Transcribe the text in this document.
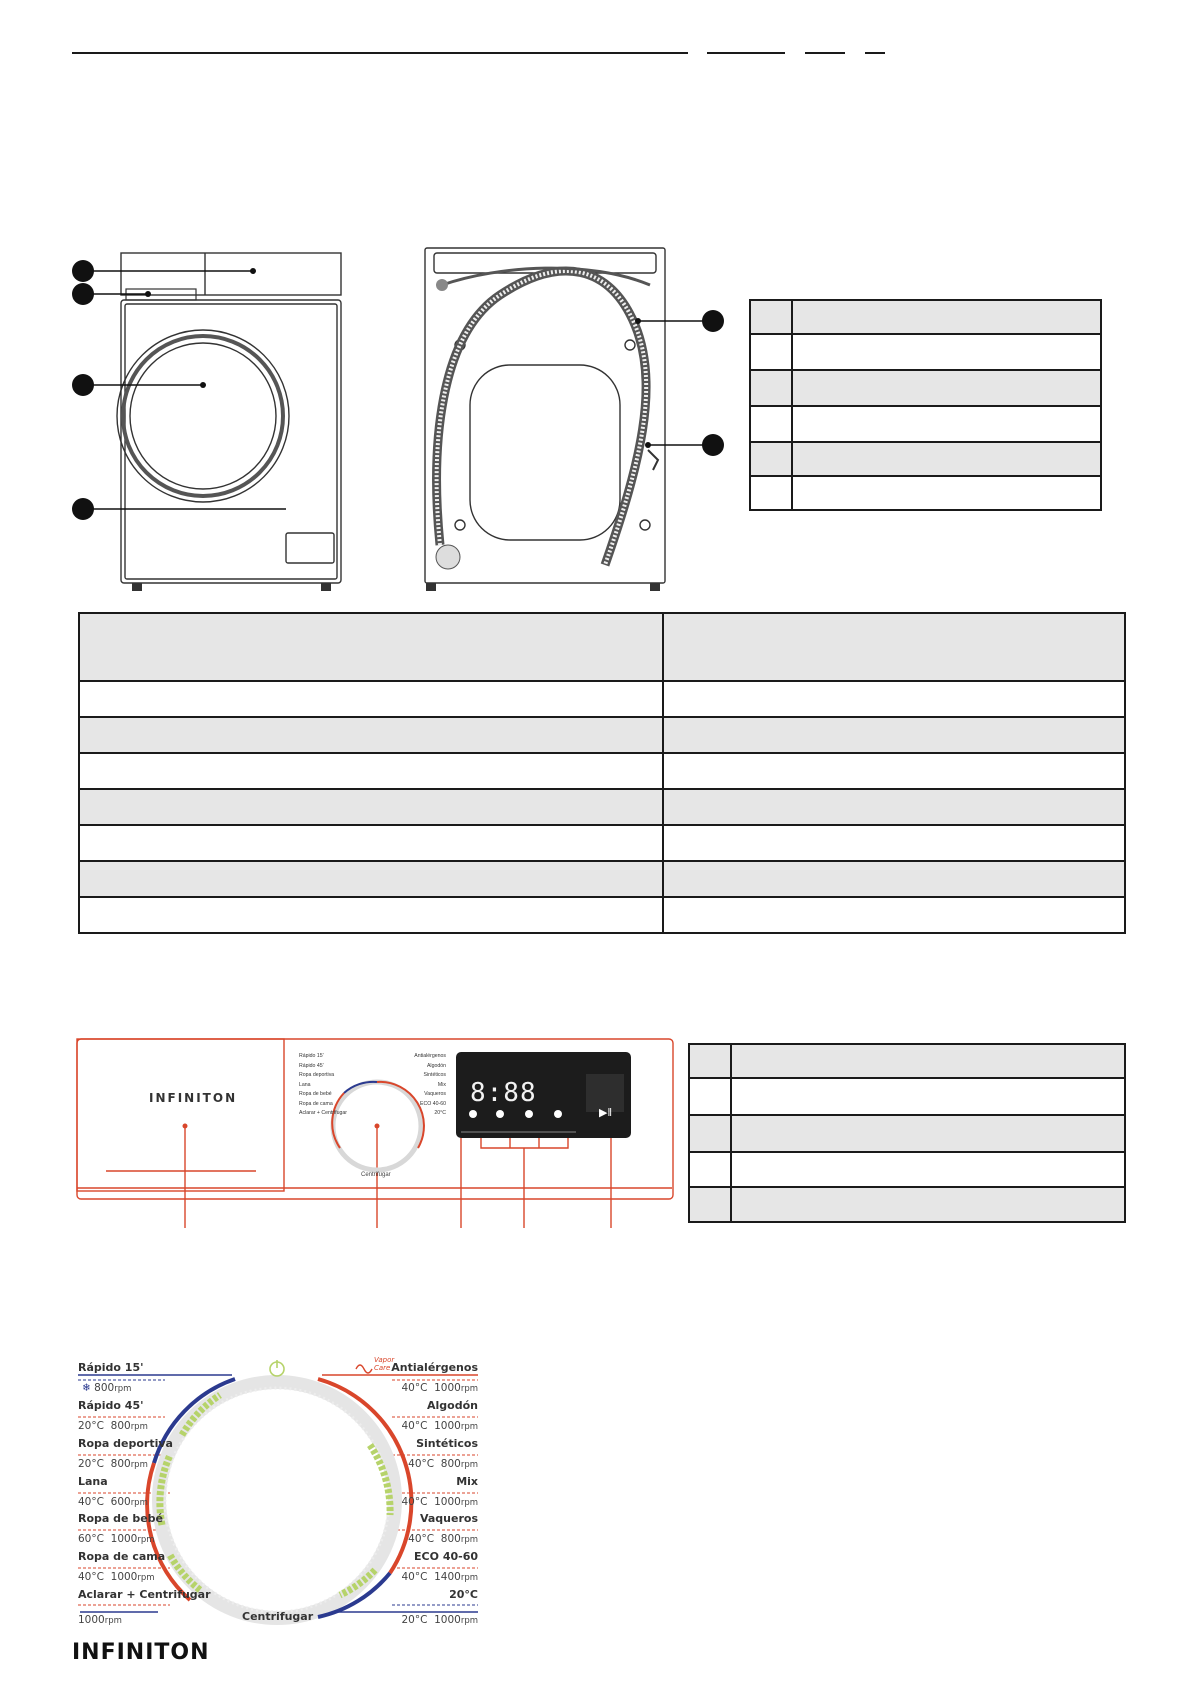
INFINITON	8:88
▶‖
Centrifugar
Rápido 15'
Rápido 45'
Ropa deportiva
Lana
Ropa de bebé
Ropa de cama
Aclarar + Centrifugar
Antialérgenos
Algodón
Sintéticos
Mix
Vaqueros
ECO 40-60
20°C

Rápido 15'
❄ 800rpm
Rápido 45'
20°C 800rpm
Ropa deportiva
20°C 800rpm
Lana
40°C 600rpm
Ropa de bebé
60°C 1000rpm
Ropa de cama
40°C 1000rpm
Aclarar + Centrifugar
1000rpm
Vapor
Care Antialérgenos
40°C 1000rpm
Algodón
40°C 1000rpm
Sintéticos
40°C 800rpm
Mix
40°C 1000rpm
Vaqueros
40°C 800rpm
ECO 40-60
40°C 1400rpm
20°C
20°C 1000rpm
Centrifugar
INFINITON
